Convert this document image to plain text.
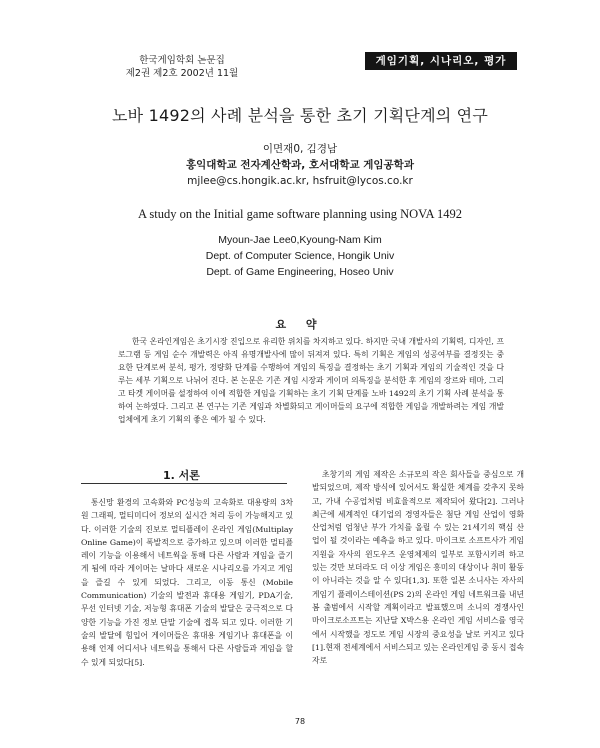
한국게임학회 논문집
제2권 제2호 2002년 11월
게임기획, 시나리오, 평가
노바 1492의 사례 분석을 통한 초기 기획단계의 연구
이면재0, 김경남
홍익대학교 전자계산학과, 호서대학교 게임공학과
mjlee@cs.hongik.ac.kr, hsfruit@lycos.co.kr
A study on the Initial game software planning using NOVA 1492
Myoun-Jae Lee0,Kyoung-Nam Kim
Dept. of Computer Science, Hongik Univ
Dept. of Game Engineering, Hoseo Univ
요 약
한국 온라인게임은 초기시장 진입으로 유리한 위치를 차지하고 있다. 하지만 국내 개발사의 기획력, 디자인, 프로그램 등 게임 순수 개발력은 아직 유명개발사에 많이 뒤져져 있다. 특히 기획은 게임의 성공여부를 결정짓는 중요한 단계로써 분석, 평가, 정량화 단계를 수행하여 게임의 특징을 결정하는 초기 기획과 게임의 기술적인 것을 다루는 세부 기획으로 나뉘어 진다. 본 논문은 기존 게임 시장과 게이머 의특징을 분석한 후 게임의 장르와 테마, 그리고 타겟 게이머를 설정하여 이에 적합한 게임을 기획하는 초기 기획 단계를 노바 1492의 초기 기획 사례 분석을 통하여 논하였다. 그리고 본 연구는 기존 게임과 차별화되고 게이머들의 요구에 적합한 게임을 개발하려는 게임 개발업체에게 초기 기획의 좋은 예가 될 수 있다.
1. 서론
통신망 환경의 고속화와 PC성능의 고속화로 대용량의 3차원 그래픽, 멀티미디어 정보의 실시간 처리 등이 가능해지고 있다. 이러한 기술의 진보로 멀티플레이 온라인 게임(Multiplay Online Game)이 폭발적으로 증가하고 있으며 이러한 멀티플레이 기능을 이용해서 네트웍을 통해 다른 사람과 게임을 즐기게 됨에 따라 게이머는 날마다 새로운 시나리오를 가지고 게임을 즐길 수 있게 되었다. 그리고, 이동 통신 (Mobile Communication) 기술의 발전과 휴대용 게임기, PDA기술, 무선 인터넷 기술, 저능형 휴대폰 기술의 발달은 궁극적으로 다양한 기능을 가진 정보 단말 기술에 접목 되고 있다. 이러한 기술의 발달에 힘입어 게이머들은 휴대용 게임기나 휴대폰을 이용해 언제 어디서나 네트웍을 통해서 다른 사람들과 게임을 할 수 있게 되었다[5].
초창기의 게임 제작은 소규모의 작은 회사들을 중심으로 개발되었으며, 제작 방식에 있어서도 확실한 체계를 갖추지 못하고, 가내 수공업처럼 비효율적으로 제작되어 왔다[2]. 그러나 최근에 세계적인 대기업의 경영자들은 첨단 게임 산업이 영화 산업처럼 엄청난 부가 가치를 올릴 수 있는 21세기의 핵심 산업이 될 것이라는 예측을 하고 있다. 마이크로 소프트사가 게임 지원을 자사의 윈도우즈 운영체제의 일부로 포함시키려 하고 있는 것만 보더라도 더 이상 게임은 흥미의 대상이나 취미 활동이 아니라는 것을 알 수 있다[1,3]. 또한 일본 소니사는 자사의 게임기 플레이스테이션(PS 2)의 온라인 게임 네트워크를 내년 봄 출범에서 시작할 계획이라고 발표했으며 소니의 경쟁사인 마이크로소프트는 지난달 X박스용 온라인 게임 서비스를 영국에서 시작했을 정도로 게임 시장의 중요성을 날로 커지고 있다[1].현재 전세계에서 서비스되고 있는 온라인게임 중 동시 접속자로
78
